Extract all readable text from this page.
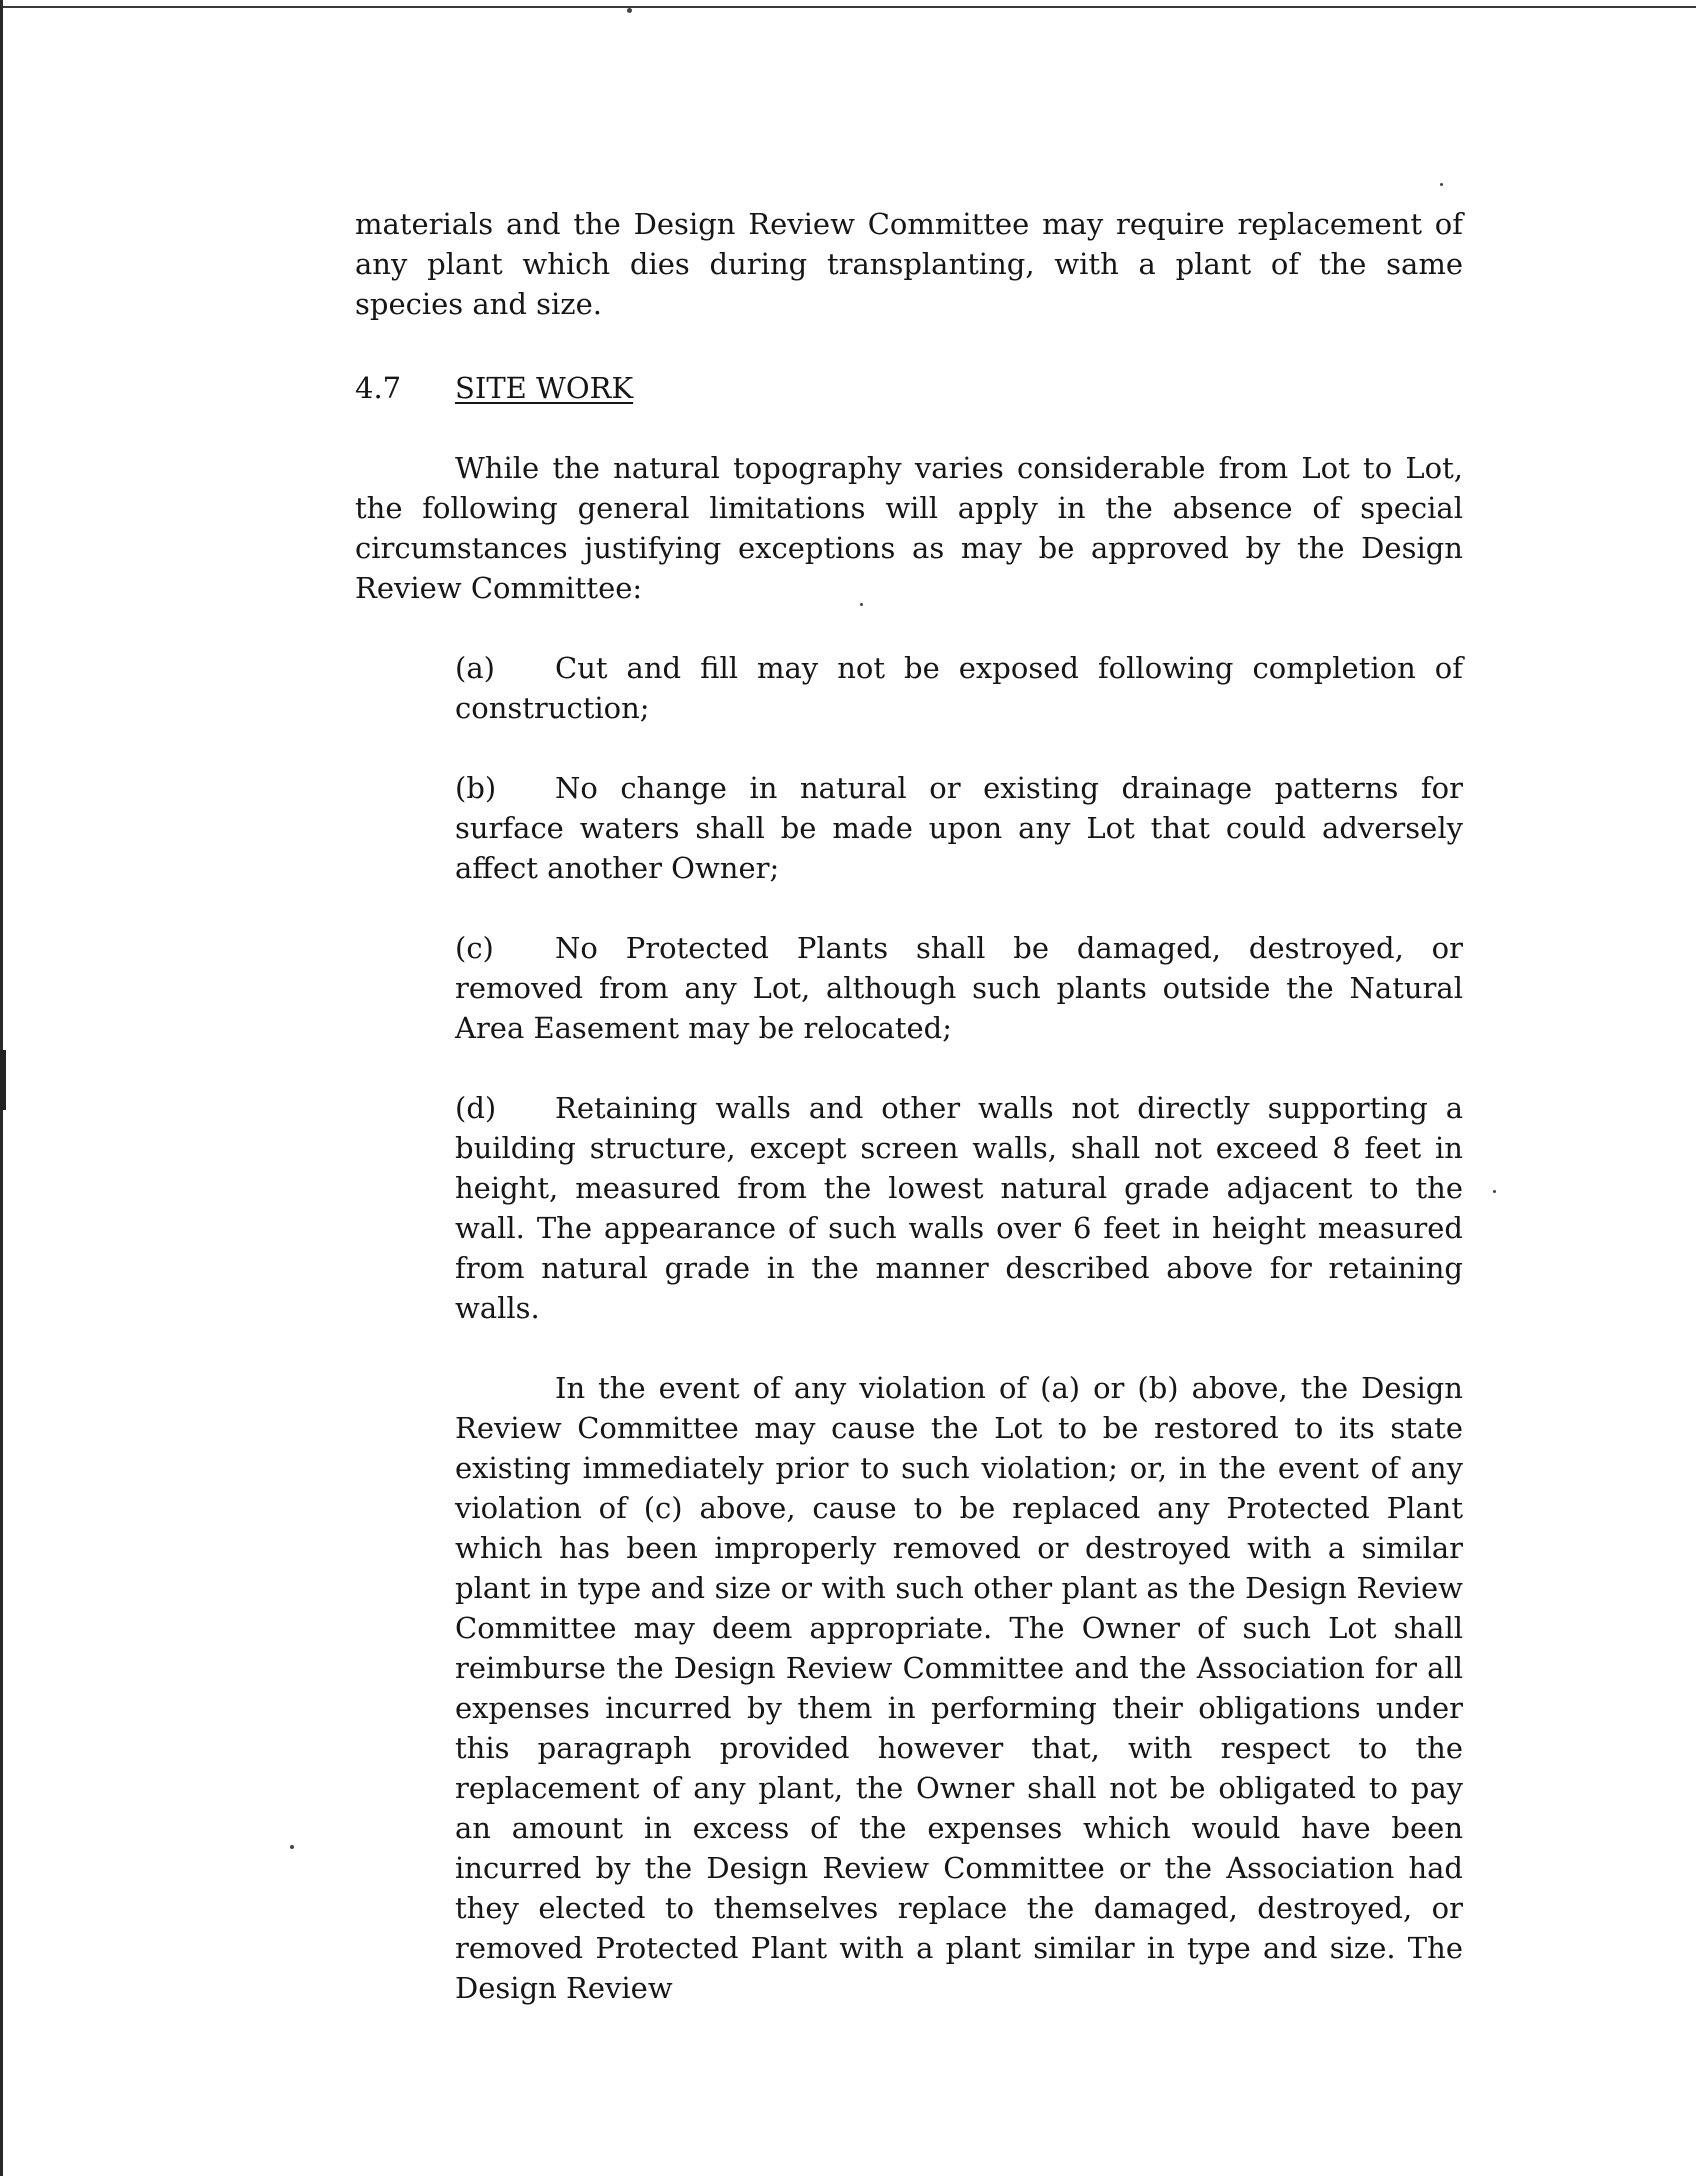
materials and the Design Review Committee may require replacement of any plant which dies during transplanting, with a plant of the same species and size.

4.7 SITE WORK

While the natural topography varies considerable from Lot to Lot, the following general limitations will apply in the absence of special circumstances justifying exceptions as may be approved by the Design Review Committee:

(a) Cut and fill may not be exposed following completion of construction;

(b) No change in natural or existing drainage patterns for surface waters shall be made upon any Lot that could adversely affect another Owner;

(c) No Protected Plants shall be damaged, destroyed, or removed from any Lot, although such plants outside the Natural Area Easement may be relocated;

(d) Retaining walls and other walls not directly supporting a building structure, except screen walls, shall not exceed 8 feet in height, measured from the lowest natural grade adjacent to the wall. The appearance of such walls over 6 feet in height measured from natural grade in the manner described above for retaining walls.

In the event of any violation of (a) or (b) above, the Design Review Committee may cause the Lot to be restored to its state existing immediately prior to such violation; or, in the event of any violation of (c) above, cause to be replaced any Protected Plant which has been improperly removed or destroyed with a similar plant in type and size or with such other plant as the Design Review Committee may deem appropriate. The Owner of such Lot shall reimburse the Design Review Committee and the Association for all expenses incurred by them in performing their obligations under this paragraph provided however that, with respect to the replacement of any plant, the Owner shall not be obligated to pay an amount in excess of the expenses which would have been incurred by the Design Review Committee or the Association had they elected to themselves replace the damaged, destroyed, or removed Protected Plant with a plant similar in type and size. The Design Review
